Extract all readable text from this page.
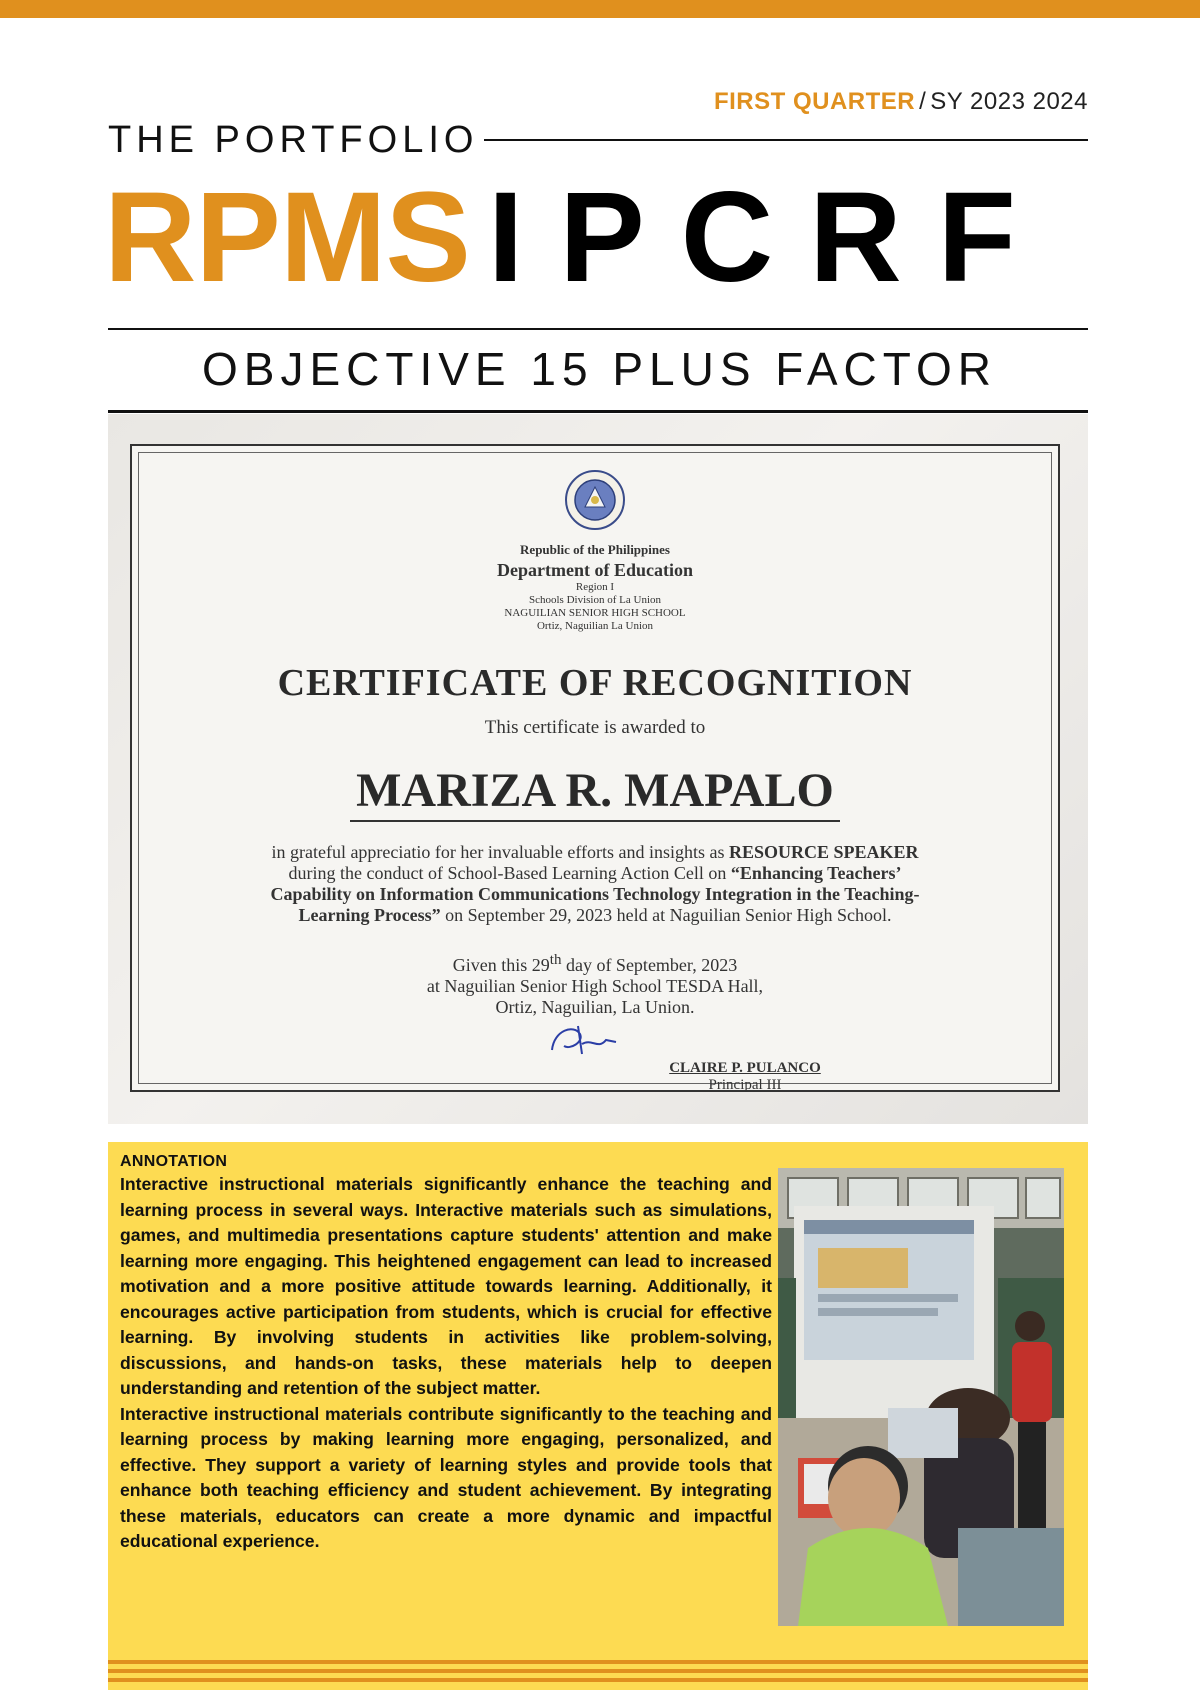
FIRST QUARTER / SY 2023 2024
THE PORTFOLIO
RPMS IPCRF
OBJECTIVE 15 PLUS FACTOR
Republic of the Philippines
Department of Education
Region I
Schools Division of La Union
NAGUILIAN SENIOR HIGH SCHOOL
Ortiz, Naguilian La Union
CERTIFICATE OF RECOGNITION
This certificate is awarded to
MARIZA R. MAPALO
in grateful appreciatio for her invaluable efforts and insights as RESOURCE SPEAKER during the conduct of School-Based Learning Action Cell on “Enhancing Teachers’ Capability on Information Communications Technology Integration in the Teaching-Learning Process” on September 29, 2023 held at Naguilian Senior High School.
Given this 29th day of September, 2023
at Naguilian Senior High School TESDA Hall,
Ortiz, Naguilian, La Union.
CLAIRE P. PULANCO
Principal III
ANNOTATION

Interactive instructional materials significantly enhance the teaching and learning process in several ways. Interactive materials such as simulations, games, and multimedia presentations capture students' attention and make learning more engaging. This heightened engagement can lead to increased motivation and a more positive attitude towards learning. Additionally, it encourages active participation from students, which is crucial for effective learning. By involving students in activities like problem-solving, discussions, and hands-on tasks, these materials help to deepen understanding and retention of the subject matter.

Interactive instructional materials contribute significantly to the teaching and learning process by making learning more engaging, personalized, and effective. They support a variety of learning styles and provide tools that enhance both teaching efficiency and student achievement. By integrating these materials, educators can create a more dynamic and impactful educational experience.
